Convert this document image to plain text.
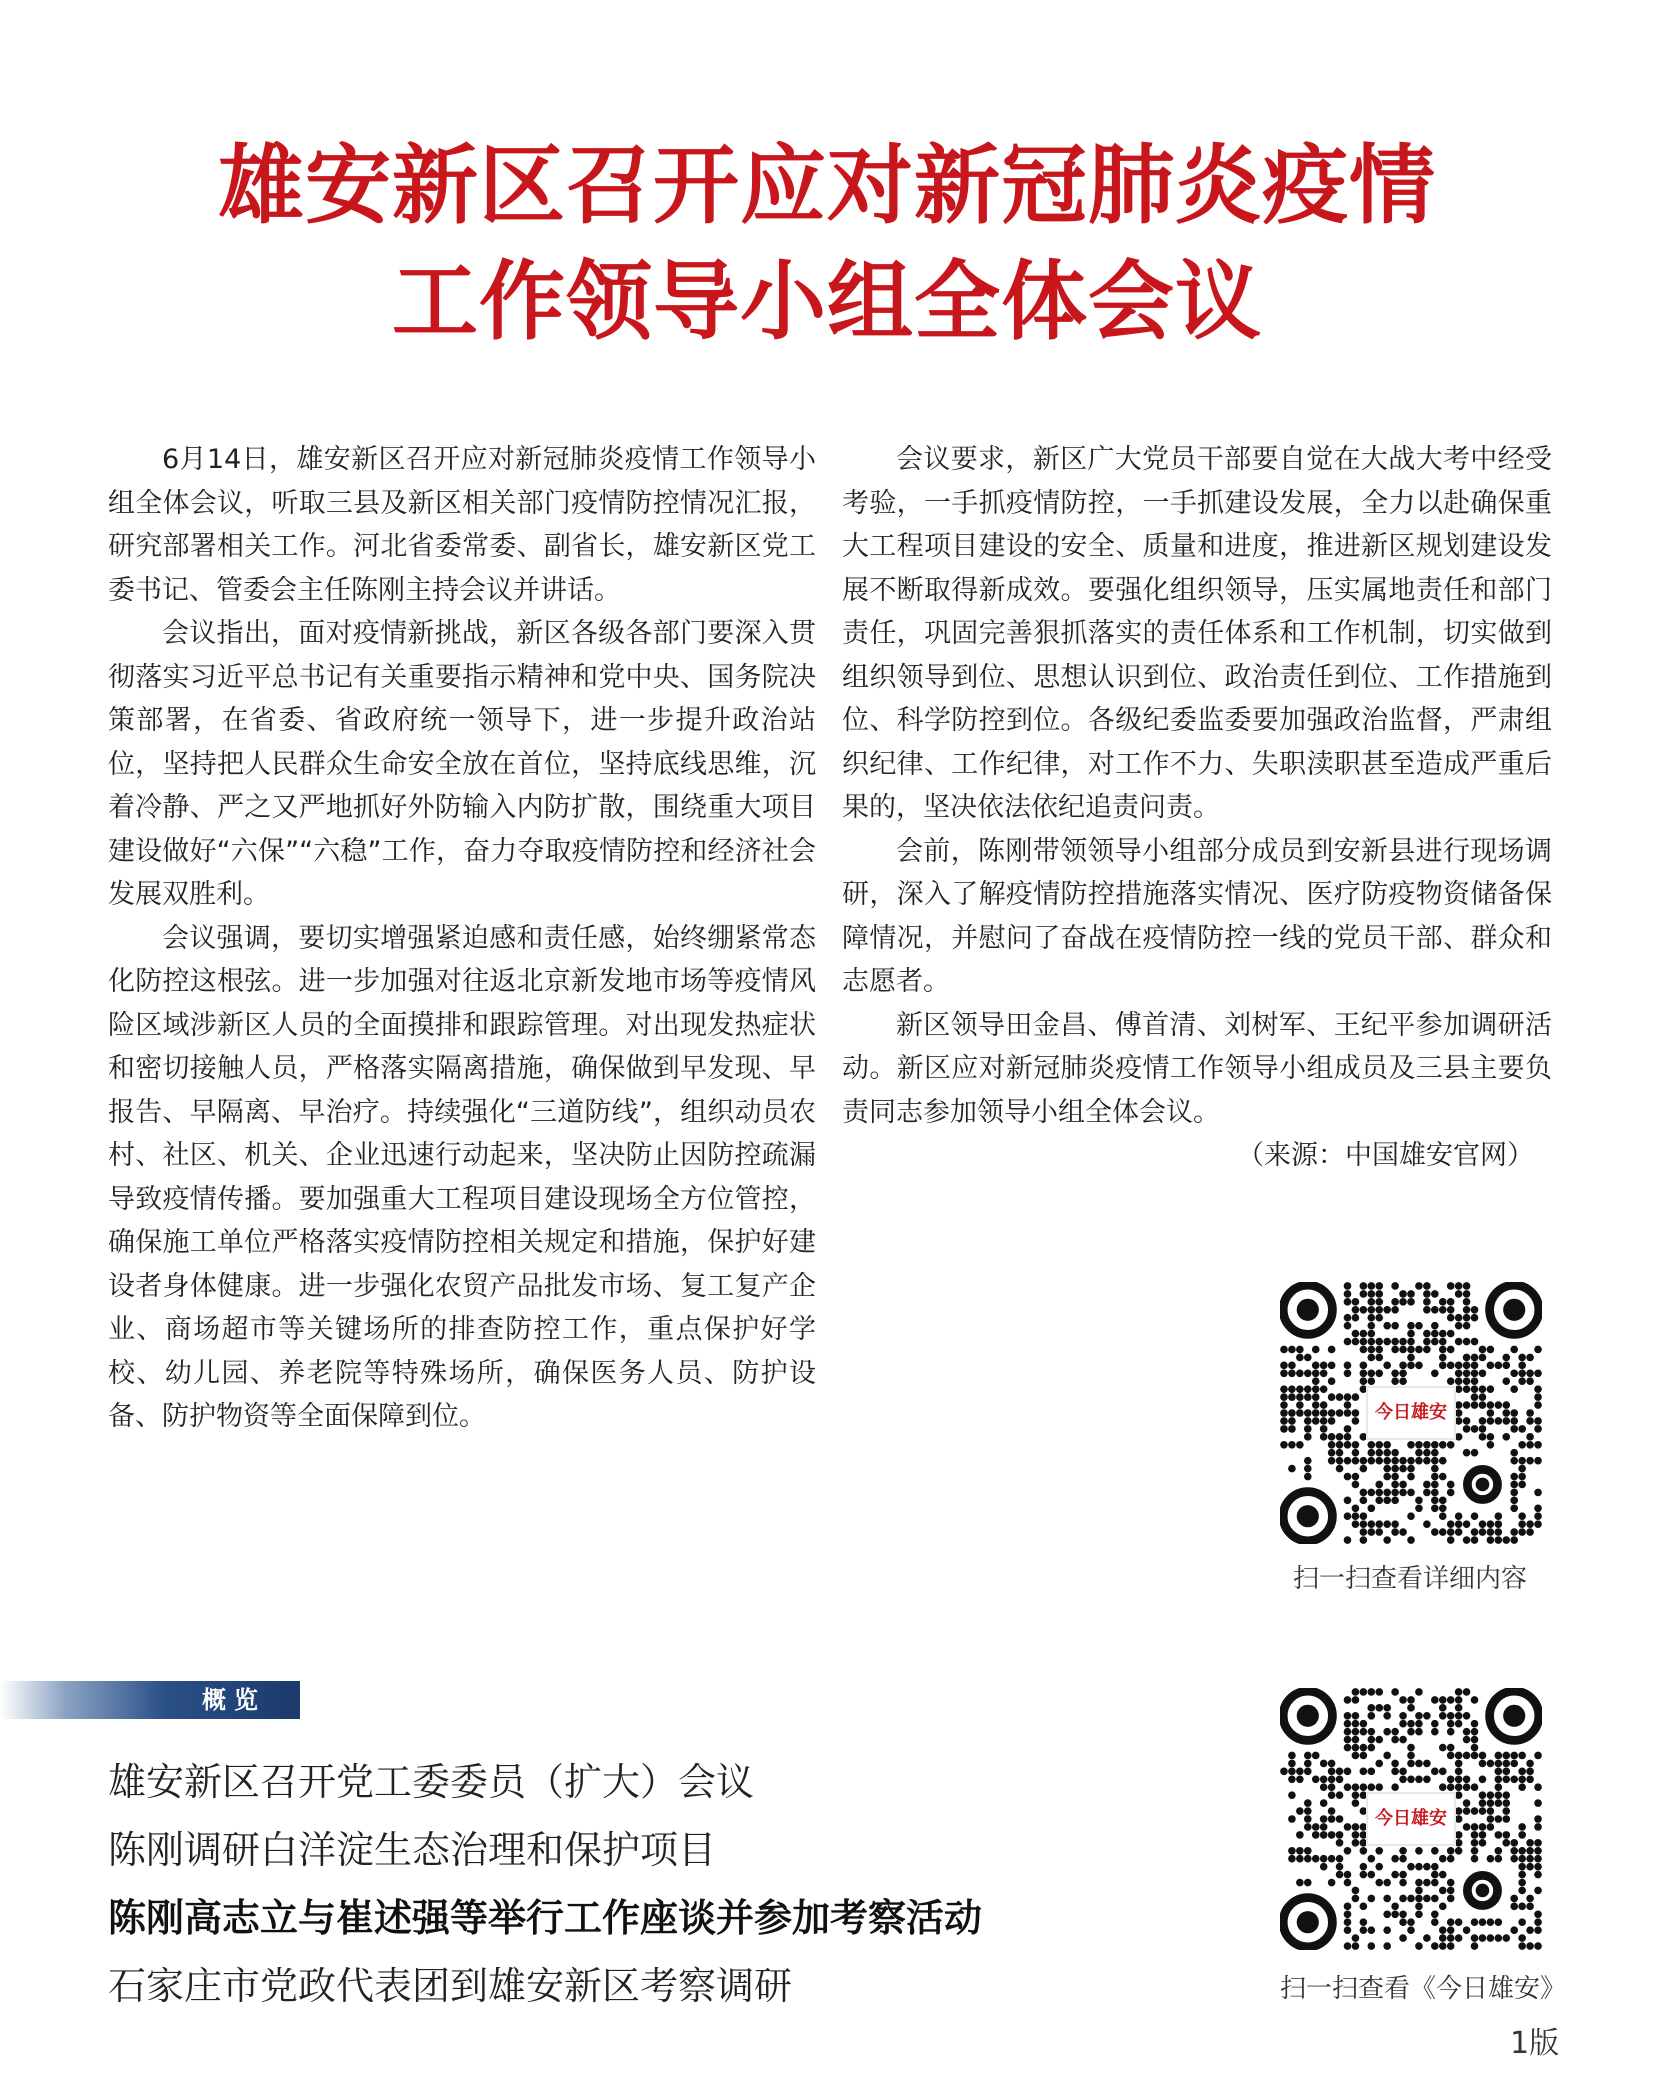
雄安新区召开应对新冠肺炎疫情
工作领导小组全体会议

6月14日，雄安新区召开应对新冠肺炎疫情工作领导小组全体会议，听取三县及新区相关部门疫情防控情况汇报，研究部署相关工作。河北省委常委、副省长，雄安新区党工委书记、管委会主任陈刚主持会议并讲话。

会议指出，面对疫情新挑战，新区各级各部门要深入贯彻落实习近平总书记有关重要指示精神和党中央、国务院决策部署，在省委、省政府统一领导下，进一步提升政治站位，坚持把人民群众生命安全放在首位，坚持底线思维，沉着冷静、严之又严地抓好外防输入内防扩散，围绕重大项目建设做好“六保”“六稳”工作，奋力夺取疫情防控和经济社会发展双胜利。

会议强调，要切实增强紧迫感和责任感，始终绷紧常态化防控这根弦。进一步加强对往返北京新发地市场等疫情风险区域涉新区人员的全面摸排和跟踪管理。对出现发热症状和密切接触人员，严格落实隔离措施，确保做到早发现、早报告、早隔离、早治疗。持续强化“三道防线”，组织动员农村、社区、机关、企业迅速行动起来，坚决防止因防控疏漏导致疫情传播。要加强重大工程项目建设现场全方位管控，确保施工单位严格落实疫情防控相关规定和措施，保护好建设者身体健康。进一步强化农贸产品批发市场、复工复产企业、商场超市等关键场所的排查防控工作，重点保护好学校、幼儿园、养老院等特殊场所，确保医务人员、防护设备、防护物资等全面保障到位。

会议要求，新区广大党员干部要自觉在大战大考中经受考验，一手抓疫情防控，一手抓建设发展，全力以赴确保重大工程项目建设的安全、质量和进度，推进新区规划建设发展不断取得新成效。要强化组织领导，压实属地责任和部门责任，巩固完善狠抓落实的责任体系和工作机制，切实做到组织领导到位、思想认识到位、政治责任到位、工作措施到位、科学防控到位。各级纪委监委要加强政治监督，严肃组织纪律、工作纪律，对工作不力、失职渎职甚至造成严重后果的，坚决依法依纪追责问责。

会前，陈刚带领领导小组部分成员到安新县进行现场调研，深入了解疫情防控措施落实情况、医疗防疫物资储备保障情况，并慰问了奋战在疫情防控一线的党员干部、群众和志愿者。

新区领导田金昌、傅首清、刘树军、王纪平参加调研活动。新区应对新冠肺炎疫情工作领导小组成员及三县主要负责同志参加领导小组全体会议。

（来源：中国雄安官网）

今日雄安
扫一扫查看详细内容
概览
雄安新区召开党工委委员（扩大）会议
陈刚调研白洋淀生态治理和保护项目
陈刚高志立与崔述强等举行工作座谈并参加考察活动
石家庄市党政代表团到雄安新区考察调研
今日雄安
扫一扫查看《今日雄安》
1版
